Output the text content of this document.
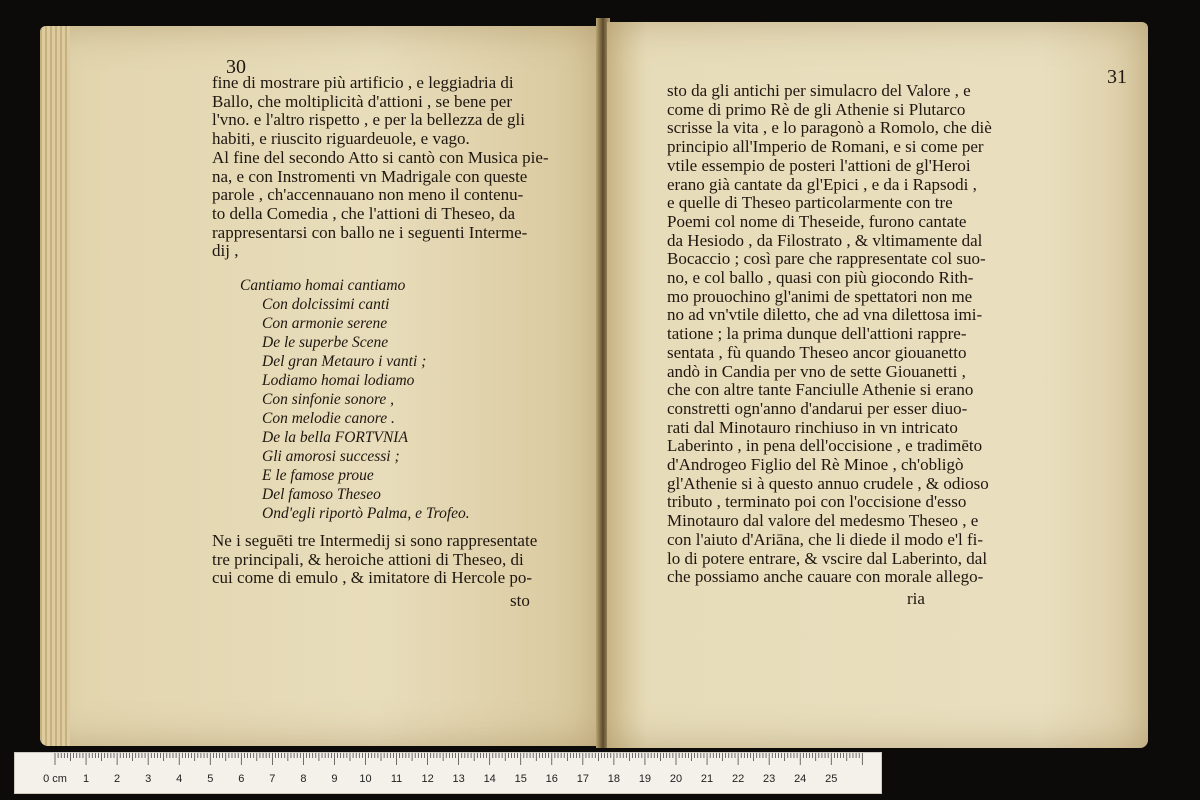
30
fine di mostrare più artificio , e leggiadria di
Ballo, che moltiplicità d'attioni , se bene per
l'vno. e l'altro rispetto , e per la bellezza de gli
habiti, e riuscito riguardeuole, e vago.
Al fine del secondo Atto si cantò con Musica pie-
na, e con Instromenti vn Madrigale con queste
parole , ch'accennauano non meno il contenu-
to della Comedia , che l'attioni di Theseo, da
rappresentarsi con ballo ne i seguenti Interme-
dij ,
Cantiamo homai cantiamo
Con dolcissimi canti
Con armonie serene
De le superbe Scene
Del gran Metauro i vanti ;
Lodiamo homai lodiamo
Con sinfonie sonore ,
Con melodie canore .
De la bella FORTVNIA
Gli amorosi successi ;
E le famose proue
Del famoso Theseo
Ond'egli riportò Palma, e Trofeo.
Ne i seguēti tre Intermedij si sono rappresentate
tre principali, & heroiche attioni di Theseo, di
cui come di emulo , & imitatore di Hercole po-
sto
31
sto da gli antichi per simulacro del Valore , e
come di primo Rè de gli Athenie si Plutarco
scrisse la vita , e lo paragonò a Romolo, che diè
principio all'Imperio de Romani, e si come per
vtile essempio de posteri l'attioni de gl'Heroi
erano già cantate da gl'Epici , e da i Rapsodi ,
e quelle di Theseo particolarmente con tre
Poemi col nome di Theseide, furono cantate
da Hesiodo , da Filostrato , & vltimamente dal
Bocaccio ; così pare che rappresentate col suo-
no, e col ballo , quasi con più giocondo Rith-
mo prouochino gl'animi de spettatori non me
no ad vn'vtile diletto, che ad vna dilettosa imi-
tatione ; la prima dunque dell'attioni rappre-
sentata , fù quando Theseo ancor giouanetto
andò in Candia per vno de sette Giouanetti ,
che con altre tante Fanciulle Athenie si erano
constretti ogn'anno d'andarui per esser diuo-
rati dal Minotauro rinchiuso in vn intricato
Laberinto , in pena dell'occisione , e tradimēto
d'Androgeo Figlio del Rè Minoe , ch'obligò
gl'Athenie si à questo annuo crudele , & odioso
tributo , terminato poi con l'occisione d'esso
Minotauro dal valore del medesmo Theseo , e
con l'aiuto d'Ariāna, che li diede il modo e'l fi-
lo di potere entrare, & vscire dal Laberinto, dal
che possiamo anche cauare con morale allego-
ria
0 cm 1 2 3 4 5 6 7 8 9 10 11 12 13 14 15 16 17 18 19 20 21 22 23 24 25
